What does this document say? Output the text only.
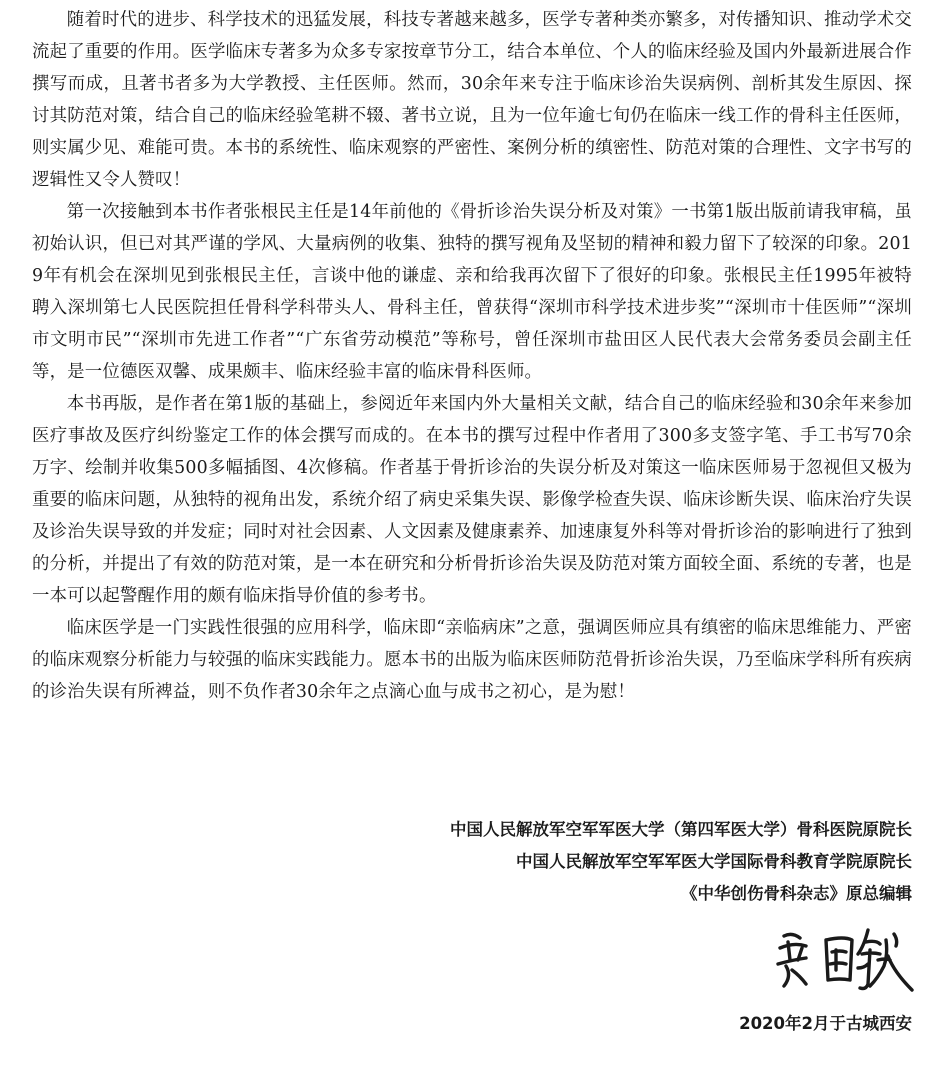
随着时代的进步、科学技术的迅猛发展，科技专著越来越多，医学专著种类亦繁多，对传播知识、推动学术交流起了重要的作用。医学临床专著多为众多专家按章节分工，结合本单位、个人的临床经验及国内外最新进展合作撰写而成，且著书者多为大学教授、主任医师。然而，30余年来专注于临床诊治失误病例、剖析其发生原因、探讨其防范对策，结合自己的临床经验笔耕不辍、著书立说，且为一位年逾七旬仍在临床一线工作的骨科主任医师，则实属少见、难能可贵。本书的系统性、临床观察的严密性、案例分析的缜密性、防范对策的合理性、文字书写的逻辑性又令人赞叹！

第一次接触到本书作者张根民主任是14年前他的《骨折诊治失误分析及对策》一书第1版出版前请我审稿，虽初始认识，但已对其严谨的学风、大量病例的收集、独特的撰写视角及坚韧的精神和毅力留下了较深的印象。2019年有机会在深圳见到张根民主任，言谈中他的谦虚、亲和给我再次留下了很好的印象。张根民主任1995年被特聘入深圳第七人民医院担任骨科学科带头人、骨科主任，曾获得“深圳市科学技术进步奖”“深圳市十佳医师”“深圳市文明市民”“深圳市先进工作者”“广东省劳动模范”等称号，曾任深圳市盐田区人民代表大会常务委员会副主任等，是一位德医双馨、成果颇丰、临床经验丰富的临床骨科医师。

本书再版，是作者在第1版的基础上，参阅近年来国内外大量相关文献，结合自己的临床经验和30余年来参加医疗事故及医疗纠纷鉴定工作的体会撰写而成的。在本书的撰写过程中作者用了300多支签字笔、手工书写70余万字、绘制并收集500多幅插图、4次修稿。作者基于骨折诊治的失误分析及对策这一临床医师易于忽视但又极为重要的临床问题，从独特的视角出发，系统介绍了病史采集失误、影像学检查失误、临床诊断失误、临床治疗失误及诊治失误导致的并发症；同时对社会因素、人文因素及健康素养、加速康复外科等对骨折诊治的影响进行了独到的分析，并提出了有效的防范对策，是一本在研究和分析骨折诊治失误及防范对策方面较全面、系统的专著，也是一本可以起警醒作用的颇有临床指导价值的参考书。

临床医学是一门实践性很强的应用科学，临床即“亲临病床”之意，强调医师应具有缜密的临床思维能力、严密的临床观察分析能力与较强的临床实践能力。愿本书的出版为临床医师防范骨折诊治失误，乃至临床学科所有疾病的诊治失误有所裨益，则不负作者30余年之点滴心血与成书之初心，是为慰！

中国人民解放军空军军医大学（第四军医大学）骨科医院原院长

中国人民解放军空军军医大学国际骨科教育学院原院长

《中华创伤骨科杂志》原总编辑

2020年2月于古城西安
